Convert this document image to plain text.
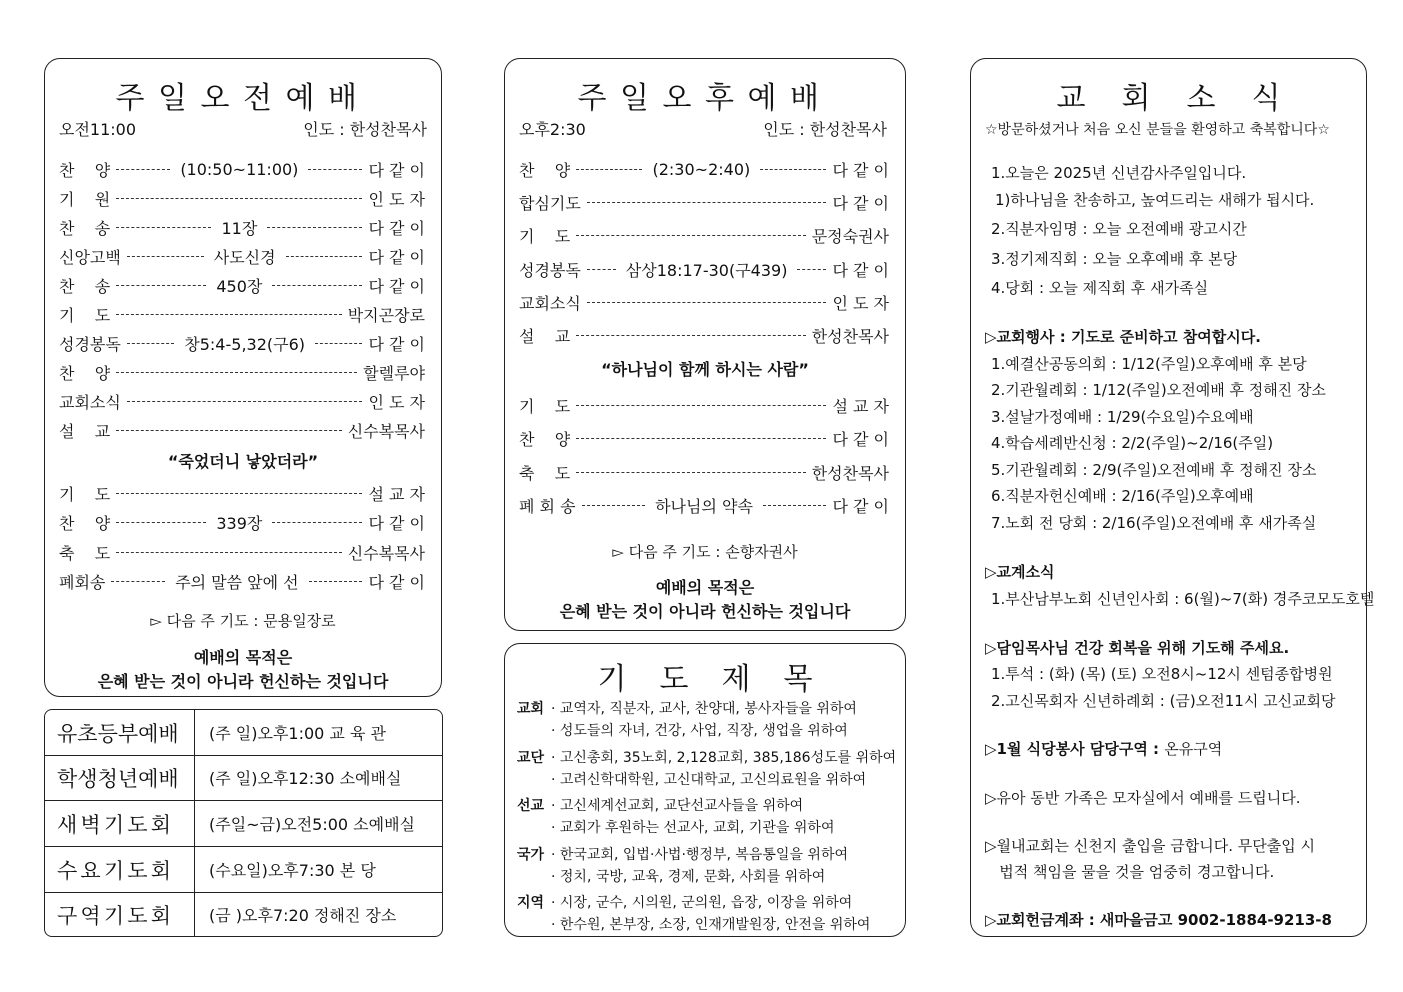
주일오전예배
오전11:00	인도 : 한성찬목사
찬    양	(10:50~11:00)	다 같 이
기    원	인 도 자
찬    송	11장	다 같 이
신앙고백	사도신경	다 같 이
찬    송	450장	다 같 이
기    도	박지곤장로
성경봉독	창5:4-5,32(구6)	다 같 이
찬    양	할렐루야
교회소식	인 도 자
설    교	신수복목사
“죽었더니 낳았더라”
기    도	설 교 자
찬    양	339장	다 같 이
축    도	신수복목사
폐회송	주의 말씀 앞에 선	다 같 이
▻ 다음 주 기도 : 문용일장로
예배의 목적은
은혜 받는 것이 아니라 헌신하는 것입니다
유초등부예배	(주 일)오후1:00 교 육 관
학생청년예배	(주 일)오후12:30 소예배실
새벽기도회	(주일~금)오전5:00 소예배실
수요기도회	(수요일)오후7:30 본 당
구역기도회	(금 )오후7:20 정해진 장소
주일오후예배
오후2:30	인도 : 한성찬목사
찬    양	(2:30~2:40)	다 같 이
합심기도	다 같 이
기    도	문정숙권사
성경봉독	삼상18:17-30(구439)	다 같 이
교회소식	인 도 자
설    교	한성찬목사
“하나님이 함께 하시는 사람”
기    도	설 교 자
찬    양	다 같 이
축    도	한성찬목사
폐 회 송	하나님의 약속	다 같 이
▻ 다음 주 기도 : 손향자권사
예배의 목적은
은혜 받는 것이 아니라 헌신하는 것입니다
기도제목
교회 · 교역자, 직분자, 교사, 찬양대, 봉사자들을 위하여
· 성도들의 자녀, 건강, 사업, 직장, 생업을 위하여
교단 · 고신총회, 35노회, 2,128교회, 385,186성도를 위하여
· 고려신학대학원, 고신대학교, 고신의료원을 위하여
선교 · 고신세계선교회, 교단선교사들을 위하여
· 교회가 후원하는 선교사, 교회, 기관을 위하여
국가 · 한국교회, 입법·사법·행정부, 복음통일을 위하여
· 정치, 국방, 교육, 경제, 문화, 사회를 위하여
지역 · 시장, 군수, 시의원, 군의원, 읍장, 이장을 위하여
· 한수원, 본부장, 소장, 인재개발원장, 안전을 위하여
교회소식
☆방문하셨거나 처음 오신 분들을 환영하고 축복합니다☆
1.오늘은 2025년 신년감사주일입니다.
1)하나님을 찬송하고, 높여드리는 새해가 됩시다.
2.직분자임명 : 오늘 오전예배 광고시간
3.정기제직회 : 오늘 오후예배 후 본당
4.당회 : 오늘 제직회 후 새가족실
▷교회행사 : 기도로 준비하고 참여합시다.
1.예결산공동의회 : 1/12(주일)오후예배 후 본당
2.기관월례회 : 1/12(주일)오전예배 후 정해진 장소
3.설날가정예배 : 1/29(수요일)수요예배
4.학습세례반신청 : 2/2(주일)~2/16(주일)
5.기관월례회 : 2/9(주일)오전예배 후 정해진 장소
6.직분자헌신예배 : 2/16(주일)오후예배
7.노회 전 당회 : 2/16(주일)오전예배 후 새가족실
▷교계소식
1.부산남부노회 신년인사회 : 6(월)~7(화) 경주코모도호텔
▷담임목사님 건강 회복을 위해 기도해 주세요.
1.투석 : (화) (목) (토) 오전8시~12시 센텀종합병원
2.고신목회자 신년하례회 : (금)오전11시 고신교회당
▷1월 식당봉사 담당구역 : 온유구역
▷유아 동반 가족은 모자실에서 예배를 드립니다.
▷월내교회는 신천지 출입을 금합니다. 무단출입 시
법적 책임을 물을 것을 엄중히 경고합니다.
▷교회헌금계좌 : 새마을금고 9002-1884-9213-8
